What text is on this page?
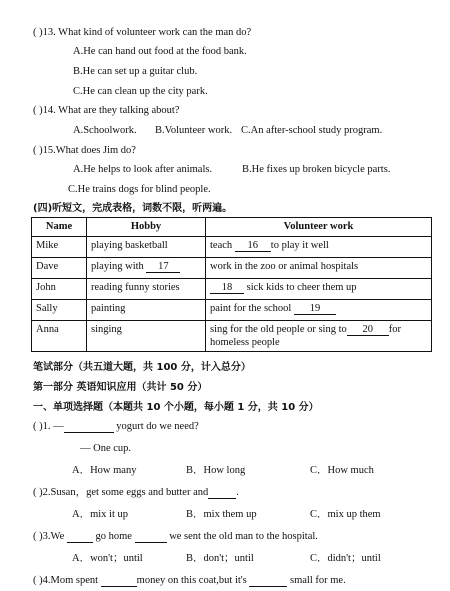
( )13. What kind of volunteer work can the man do?
A.He can hand out food at the food bank.
B.He can set up a guitar club.
C.He can clean up the city park.
( )14. What are they talking about?
A.Schoolwork. B.Volunteer work. C.An after-school study program.
( )15.What does Jim do?
A.He helps to look after animals.	B.He fixes up broken bicycle parts.
C.He trains dogs for blind people.
(四)听短文，完成表格，词数不限，听两遍。
Name	Hobby	Volunteer work
Mike	playing basketball	teach 16 to play it well
Dave	playing with 17	work in the zoo or animal hospitals
John	reading funny stories	18 sick kids to cheer them up
Sally	painting	paint for the school 19
Anna	singing	sing for the old people or sing to 20 for
homeless people
笔试部分（共五道大题，共 100 分，计入总分）
第一部分 英语知识应用（共计 50 分）
一、单项选择题（本题共 10 个小题，每小题 1 分，共 10 分）
( )1. —	yogurt do we need?
— One cup.
A．How many	B．How long	C．How much
( )2.Susan，get some eggs and butter and	.
A．mix it up	B．mix them up	C．mix up them
( )3.We  go home	we sent the old man to the hospital.
A．won't；until	B．don't；until	C．didn't；until
( )4.Mom spent	money on this coat,but it's	small for me.
